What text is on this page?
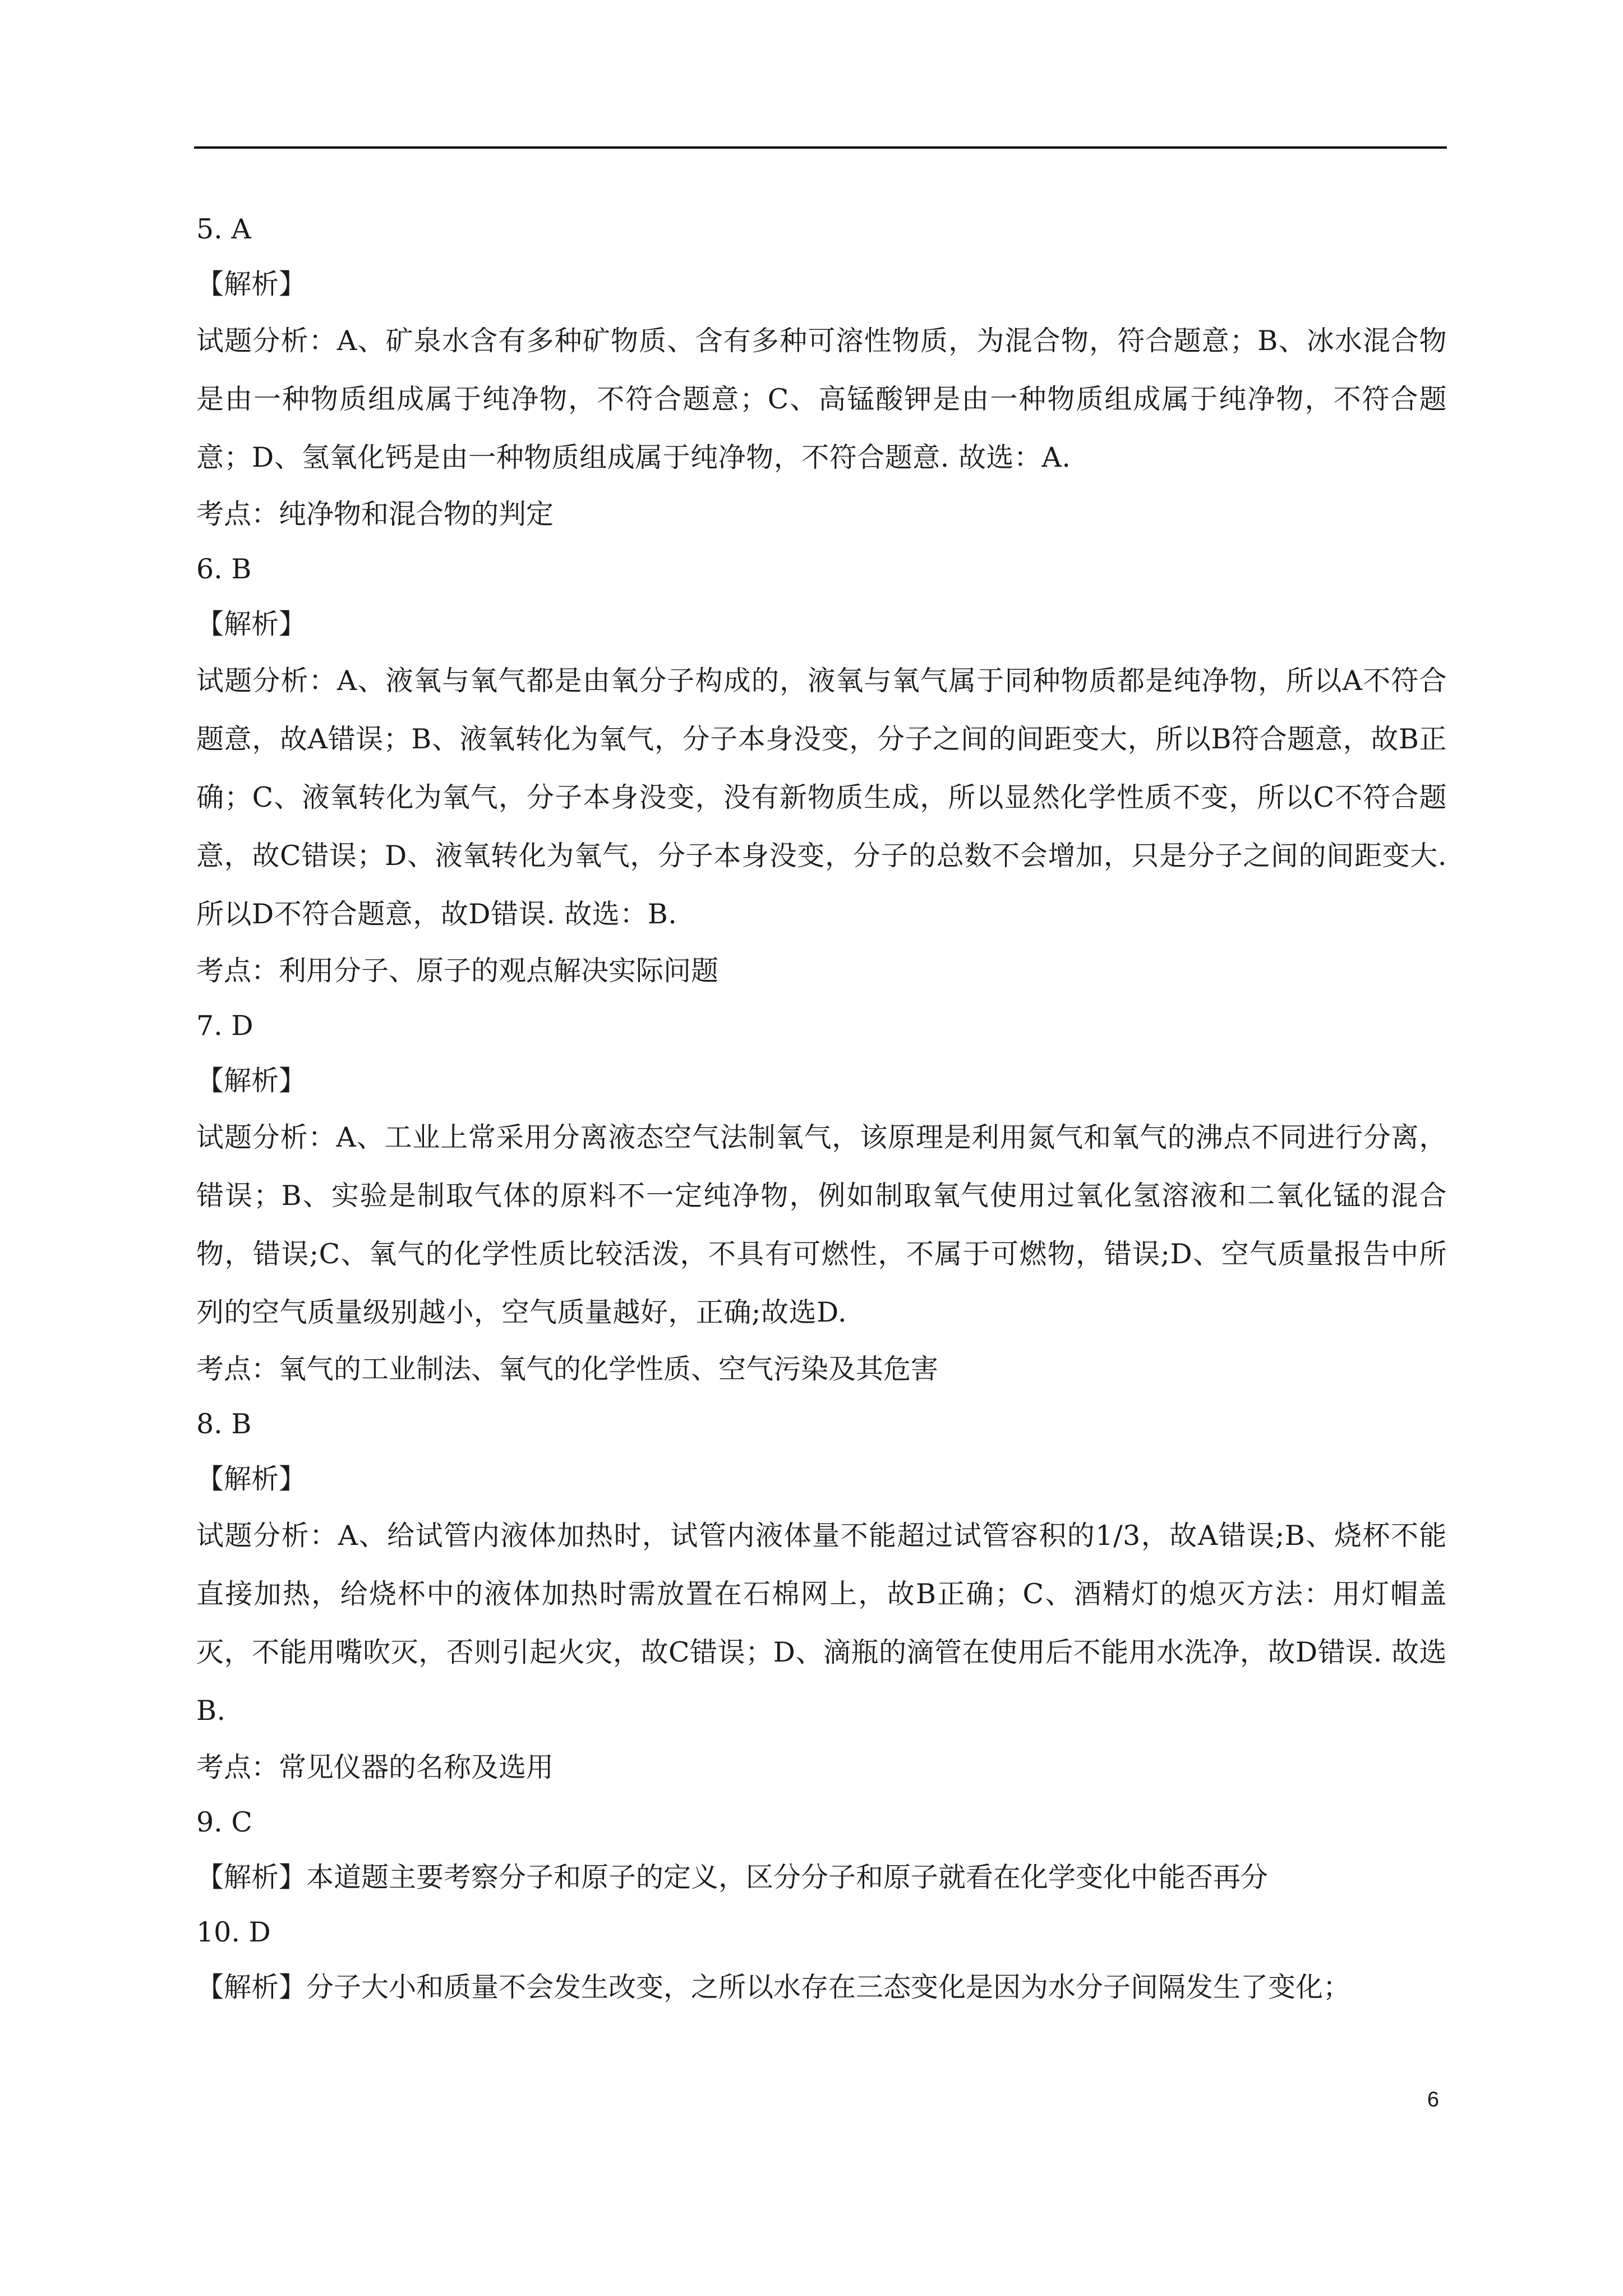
5. A
【解析】
试题分析：A、矿泉水含有多种矿物质、含有多种可溶性物质，为混合物，符合题意；B、冰水混合物是由一种物质组成属于纯净物，不符合题意；C、高锰酸钾是由一种物质组成属于纯净物，不符合题意；D、氢氧化钙是由一种物质组成属于纯净物，不符合题意. 故选：A.
考点：纯净物和混合物的判定
6. B
【解析】
试题分析：A、液氧与氧气都是由氧分子构成的，液氧与氧气属于同种物质都是纯净物，所以A不符合题意，故A错误；B、液氧转化为氧气，分子本身没变，分子之间的间距变大，所以B符合题意，故B正确；C、液氧转化为氧气，分子本身没变，没有新物质生成，所以显然化学性质不变，所以C不符合题意，故C错误；D、液氧转化为氧气，分子本身没变，分子的总数不会增加，只是分子之间的间距变大. 所以D不符合题意，故D错误. 故选：B.
考点：利用分子、原子的观点解决实际问题
7. D
【解析】
试题分析：A、工业上常采用分离液态空气法制氧气，该原理是利用氮气和氧气的沸点不同进行分离，错误；B、实验是制取气体的原料不一定纯净物，例如制取氧气使用过氧化氢溶液和二氧化锰的混合物，错误;C、氧气的化学性质比较活泼，不具有可燃性，不属于可燃物，错误;D、空气质量报告中所列的空气质量级别越小，空气质量越好，正确;故选D.
考点：氧气的工业制法、氧气的化学性质、空气污染及其危害
8. B
【解析】
试题分析：A、给试管内液体加热时，试管内液体量不能超过试管容积的1/3，故A错误;B、烧杯不能直接加热，给烧杯中的液体加热时需放置在石棉网上，故B正确；C、酒精灯的熄灭方法：用灯帽盖灭，不能用嘴吹灭，否则引起火灾，故C错误；D、滴瓶的滴管在使用后不能用水洗净，故D错误. 故选B.
考点：常见仪器的名称及选用
9. C
【解析】本道题主要考察分子和原子的定义，区分分子和原子就看在化学变化中能否再分
10. D
【解析】分子大小和质量不会发生改变，之所以水存在三态变化是因为水分子间隔发生了变化；
6
